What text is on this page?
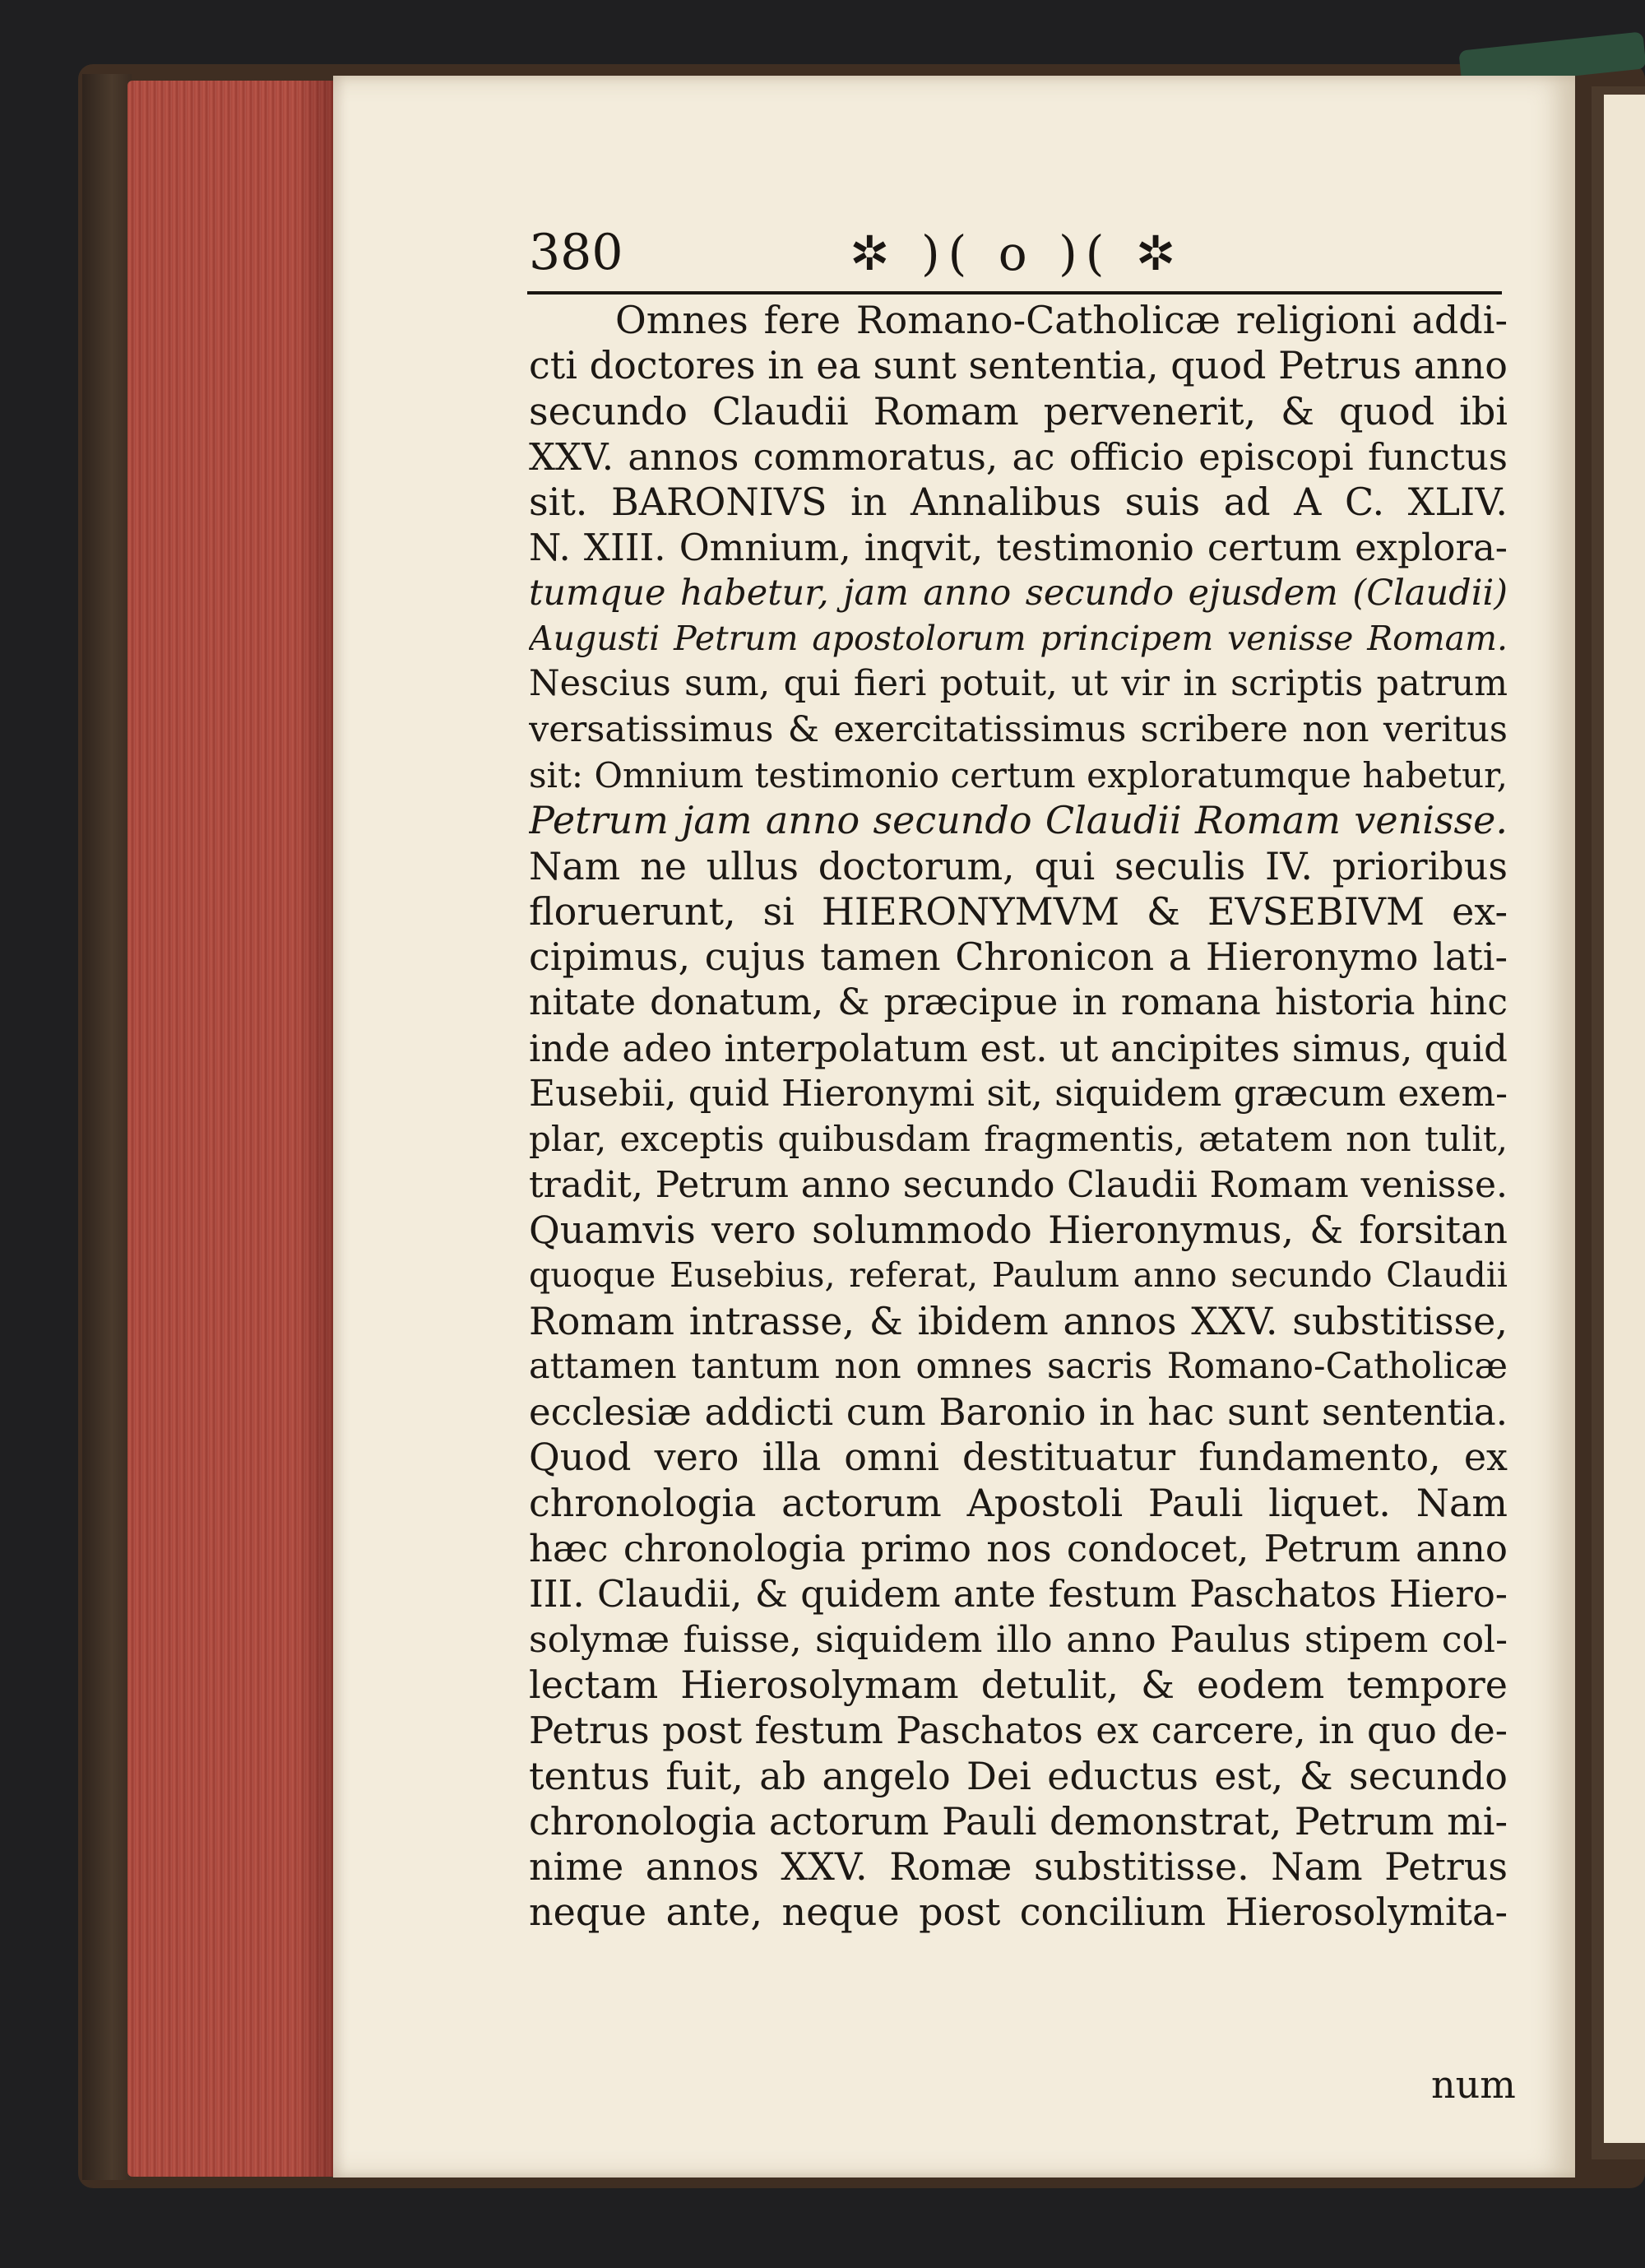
380	✲ )( o )( ✲
Omnes fere Romano-Catholicæ religioni addi-
cti doctores in ea sunt sententia, quod Petrus anno
secundo Claudii Romam pervenerit, & quod ibi
XXV. annos commoratus, ac officio episcopi functus
sit. BARONIVS in Annalibus suis ad A C. XLIV.
N. XIII. Omnium, inqvit, testimonio certum explora-
tumque habetur, jam anno secundo ejusdem (Claudii)
Augusti Petrum apostolorum principem venisse Romam.
Nescius sum, qui fieri potuit, ut vir in scriptis patrum
versatissimus & exercitatissimus scribere non veritus
sit: Omnium testimonio certum exploratumque habetur,
Petrum jam anno secundo Claudii Romam venisse.
Nam ne ullus doctorum, qui seculis IV. prioribus
floruerunt, si HIERONYMVM & EVSEBIVM ex-
cipimus, cujus tamen Chronicon a Hieronymo lati-
nitate donatum, & præcipue in romana historia hinc
inde adeo interpolatum est. ut ancipites simus, quid
Eusebii, quid Hieronymi sit, siquidem græcum exem-
plar, exceptis quibusdam fragmentis, ætatem non tulit,
tradit, Petrum anno secundo Claudii Romam venisse.
Quamvis vero solummodo Hieronymus, & forsitan
quoque Eusebius, referat, Paulum anno secundo Claudii
Romam intrasse, & ibidem annos XXV. substitisse,
attamen tantum non omnes sacris Romano-Catholicæ
ecclesiæ addicti cum Baronio in hac sunt sententia.
Quod vero illa omni destituatur fundamento, ex
chronologia actorum Apostoli Pauli liquet. Nam
hæc chronologia primo nos condocet, Petrum anno
III. Claudii, & quidem ante festum Paschatos Hiero-
solymæ fuisse, siquidem illo anno Paulus stipem col-
lectam Hierosolymam detulit, & eodem tempore
Petrus post festum Paschatos ex carcere, in quo de-
tentus fuit, ab angelo Dei eductus est, & secundo
chronologia actorum Pauli demonstrat, Petrum mi-
nime annos XXV. Romæ substitisse. Nam Petrus
neque ante, neque post concilium Hierosolymita-
num
